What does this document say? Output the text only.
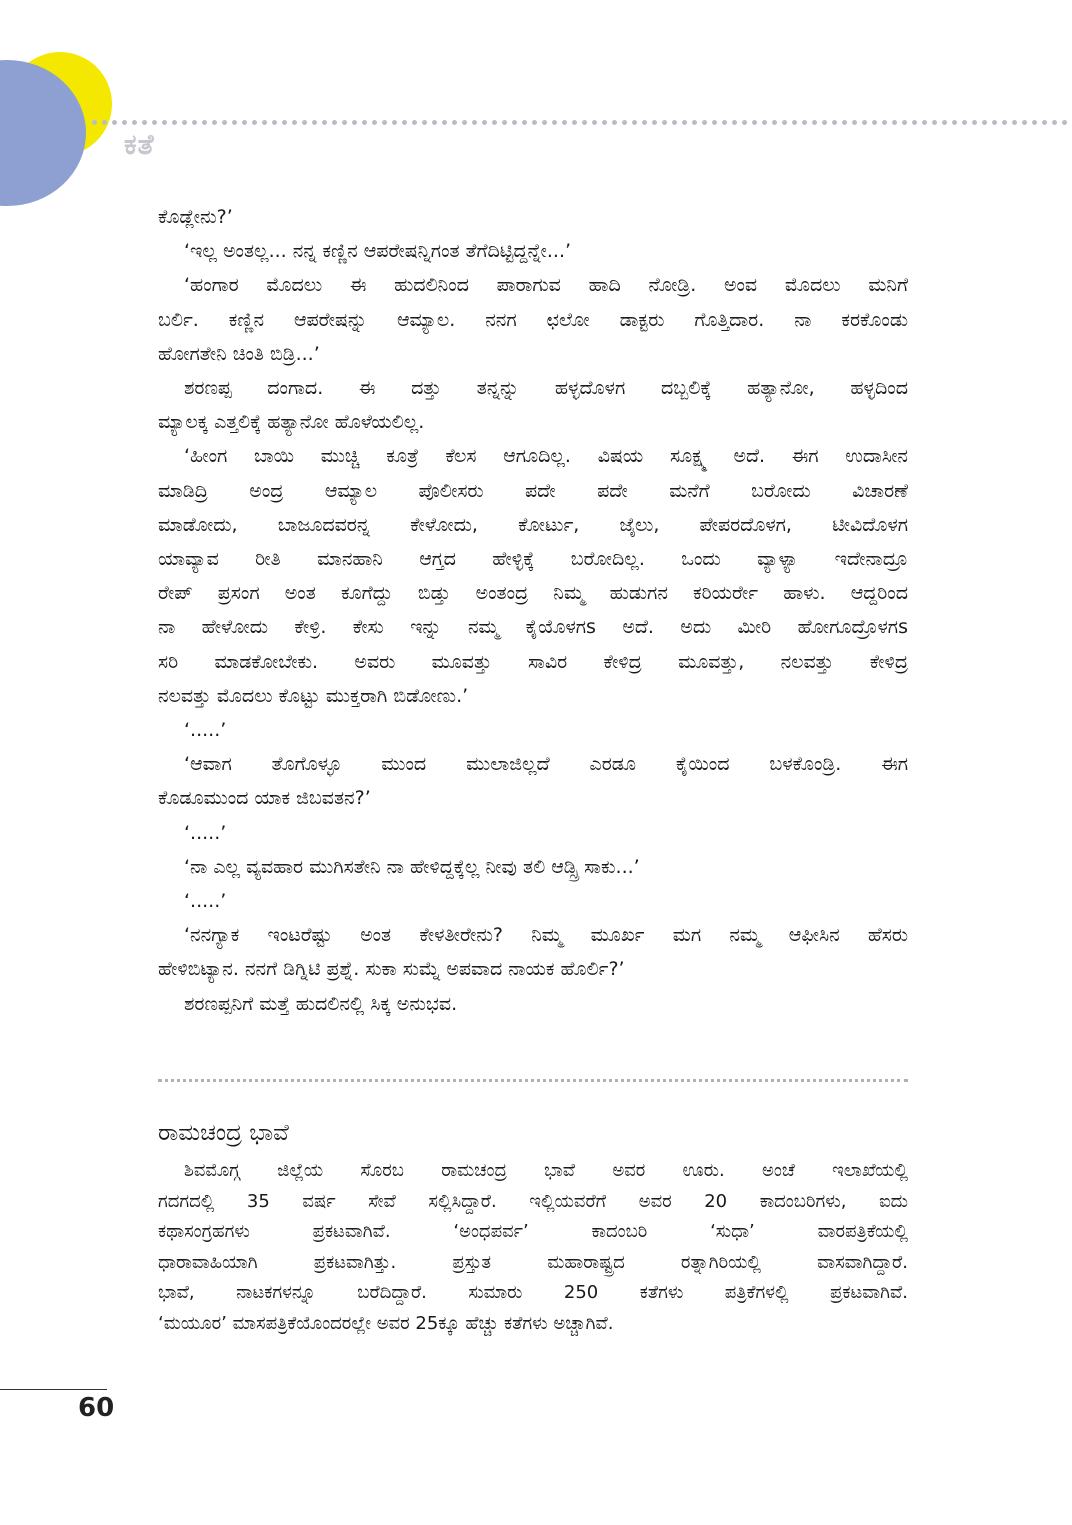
ಕತೆ
ಕೊಡ್ಲೇನು?’
‘ಇಲ್ಲ ಅಂತಲ್ಲ... ನನ್ನ ಕಣ್ಣಿನ ಆಪರೇಷನ್ನಿಗಂತ ತೆಗೆದಿಟ್ಟಿದ್ದನ್ನೇ...’
‘ಹಂಗಾರ ಮೊದಲು ಈ ಹುದಲಿನಿಂದ ಪಾರಾಗುವ ಹಾದಿ ನೋಡ್ರಿ. ಅಂವ ಮೊದಲು ಮನಿಗೆ
ಬರ್ಲಿ. ಕಣ್ಣಿನ ಆಪರೇಷನ್ನು ಆಮ್ಯಾಲ. ನನಗ ಛಲೋ ಡಾಕ್ಟರು ಗೊತ್ತಿದಾರ. ನಾ ಕರಕೊಂಡು
ಹೋಗತೇನಿ ಚಿಂತಿ ಬಿಡ್ರಿ...’
ಶರಣಪ್ಪ ದಂಗಾದ. ಈ ದತ್ತು ತನ್ನನ್ನು ಹಳ್ಳದೊಳಗ ದಬ್ಬಲಿಕ್ಕೆ ಹತ್ಯಾನೋ, ಹಳ್ಳದಿಂದ
ಮ್ಯಾಲಕ್ಕ ಎತ್ತಲಿಕ್ಕೆ ಹತ್ಯಾನೋ ಹೊಳೆಯಲಿಲ್ಲ.
‘ಹೀಂಗ ಬಾಯಿ ಮುಚ್ಚಿ ಕೂತ್ರೆ ಕೆಲಸ ಆಗೂದಿಲ್ಲ. ವಿಷಯ ಸೂಕ್ಷ್ಮ ಅದೆ. ಈಗ ಉದಾಸೀನ
ಮಾಡಿದ್ರಿ ಅಂದ್ರ ಆಮ್ಯಾಲ ಪೊಲೀಸರು ಪದೇ ಪದೇ ಮನೆಗೆ ಬರೋದು ವಿಚಾರಣೆ
ಮಾಡೋದು, ಬಾಜೂದವರನ್ನ ಕೇಳೋದು, ಕೋರ್ಟು, ಜೈಲು, ಪೇಪರದೊಳಗ, ಟೀವಿದೊಳಗ
ಯಾವ್ಯಾವ ರೀತಿ ಮಾನಹಾನಿ ಆಗ್ತದ ಹೇಳ್ಳಿಕ್ಕೆ ಬರೋದಿಲ್ಲ. ಒಂದು ವ್ಯಾಳ್ಯಾ ಇದೇನಾದ್ರೂ
ರೇಪ್ ಪ್ರಸಂಗ ಅಂತ ಕೂಗೆದ್ದು ಬಿಡ್ತು ಅಂತಂದ್ರ ನಿಮ್ಮ ಹುಡುಗನ ಕರಿಯರ್ರೇ ಹಾಳು. ಆದ್ದರಿಂದ
ನಾ ಹೇಳೋದು ಕೇಳ್ರಿ. ಕೇಸು ಇನ್ನು ನಮ್ಮ ಕೈಯೊಳಗs ಅದೆ. ಅದು ಮೀರಿ ಹೋಗೂದ್ರೊಳಗs
ಸರಿ ಮಾಡಕೋಬೇಕು. ಅವರು ಮೂವತ್ತು ಸಾವಿರ ಕೇಳಿದ್ರ ಮೂವತ್ತು, ನಲವತ್ತು ಕೇಳಿದ್ರ
ನಲವತ್ತು ಮೊದಲು ಕೊಟ್ಟು ಮುಕ್ತರಾಗಿ ಬಿಡೋಣು.’
‘.....’
‘ಆವಾಗ ತೊಗೊಳ್ಳೂ ಮುಂದ ಮುಲಾಜಿಲ್ಲದೆ ಎರಡೂ ಕೈಯಿಂದ ಬಳಕೊಂಡ್ರಿ. ಈಗ
ಕೊಡೂಮುಂದ ಯಾಕ ಜಿಬವತನ?’
‘.....’
‘ನಾ ಎಲ್ಲ ವ್ಯವಹಾರ ಮುಗಿಸತೇನಿ ನಾ ಹೇಳಿದ್ದಕ್ಕೆಲ್ಲ ನೀವು ತಲಿ ಆಡ್ಸ್ರಿ ಸಾಕು...’
‘.....’
‘ನನಗ್ಯಾಕ ಇಂಟರೆಷ್ಟು ಅಂತ ಕೇಳತೀರೇನು? ನಿಮ್ಮ ಮೂರ್ಖ ಮಗ ನಮ್ಮ ಆಫೀಸಿನ ಹೆಸರು
ಹೇಳಿಬಿಟ್ಯಾನ. ನನಗೆ ಡಿಗ್ನಿಟಿ ಪ್ರಶ್ನೆ. ಸುಕಾ ಸುಮ್ನೆ ಅಪವಾದ ನಾಯಕ ಹೊರ್ಲಿ?’
ಶರಣಪ್ಪನಿಗೆ ಮತ್ತೆ ಹುದಲಿನಲ್ಲಿ ಸಿಕ್ಕ ಅನುಭವ.
ರಾಮಚಂದ್ರ ಭಾವೆ
ಶಿವಮೊಗ್ಗ ಜಿಲ್ಲೆಯ ಸೊರಬ ರಾಮಚಂದ್ರ ಭಾವೆ ಅವರ ಊರು. ಅಂಚೆ ಇಲಾಖೆಯಲ್ಲಿ
ಗದಗದಲ್ಲಿ 35 ವರ್ಷ ಸೇವೆ ಸಲ್ಲಿಸಿದ್ದಾರೆ. ಇಲ್ಲಿಯವರೆಗೆ ಅವರ 20 ಕಾದಂಬರಿಗಳು, ಐದು
ಕಥಾಸಂಗ್ರಹಗಳು ಪ್ರಕಟವಾಗಿವೆ. ‘ಅಂಧಪರ್ವ’ ಕಾದಂಬರಿ ‘ಸುಧಾ’ ವಾರಪತ್ರಿಕೆಯಲ್ಲಿ
ಧಾರಾವಾಹಿಯಾಗಿ ಪ್ರಕಟವಾಗಿತ್ತು. ಪ್ರಸ್ತುತ ಮಹಾರಾಷ್ಟ್ರದ ರತ್ನಾಗಿರಿಯಲ್ಲಿ ವಾಸವಾಗಿದ್ದಾರೆ.
ಭಾವೆ, ನಾಟಕಗಳನ್ನೂ ಬರೆದಿದ್ದಾರೆ. ಸುಮಾರು 250 ಕತೆಗಳು ಪತ್ರಿಕೆಗಳಲ್ಲಿ ಪ್ರಕಟವಾಗಿವೆ.
‘ಮಯೂರ’ ಮಾಸಪತ್ರಿಕೆಯೊಂದರಲ್ಲೇ ಅವರ 25ಕ್ಕೂ ಹೆಚ್ಚು ಕತೆಗಳು ಅಚ್ಚಾಗಿವೆ.
60
